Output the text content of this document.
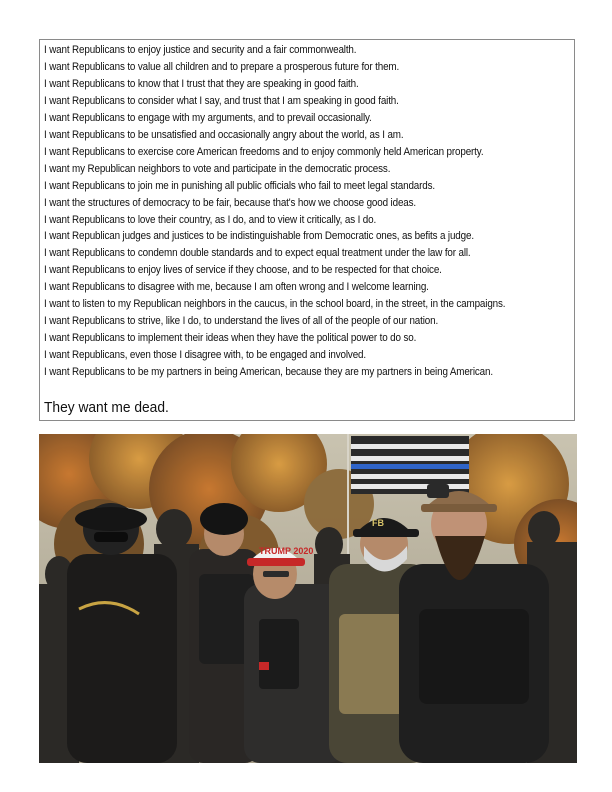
I want Republicans to enjoy justice and security and a fair commonwealth.
I want Republicans to value all children and to prepare a prosperous future for them.
I want Republicans to know that I trust that they are speaking in good faith.
I want Republicans to consider what I say, and trust that I am speaking in good faith.
I want Republicans to engage with my arguments, and to prevail occasionally.
I want Republicans to be unsatisfied and occasionally angry about the world, as I am.
I want Republicans to exercise core American freedoms and to enjoy commonly held American property.
I want my Republican neighbors to vote and participate in the democratic process.
I want Republicans to join me in punishing all public officials who fail to meet legal standards.
I want the structures of democracy to be fair, because that's how we choose good ideas.
I want Republicans to love their country, as I do, and to view it critically, as I do.
I want Republican judges and justices to be indistinguishable from Democratic ones, as befits a judge.
I want Republicans to condemn double standards and to expect equal treatment under the law for all.
I want Republicans to enjoy lives of service if they choose, and to be respected for that choice.
I want Republicans to disagree with me, because I am often wrong and I welcome learning.
I want to listen to my Republican neighbors in the caucus, in the school board, in the street, in the campaigns.
I want Republicans to strive, like I do, to understand the lives of all of the people of our nation.
I want Republicans to implement their ideas when they have the political power to do so.
I want Republicans, even those I disagree with, to be engaged and involved.
I want Republicans to be my partners in being American, because they are my partners in being American.
They want me dead.
TRUMP 2020
FB
